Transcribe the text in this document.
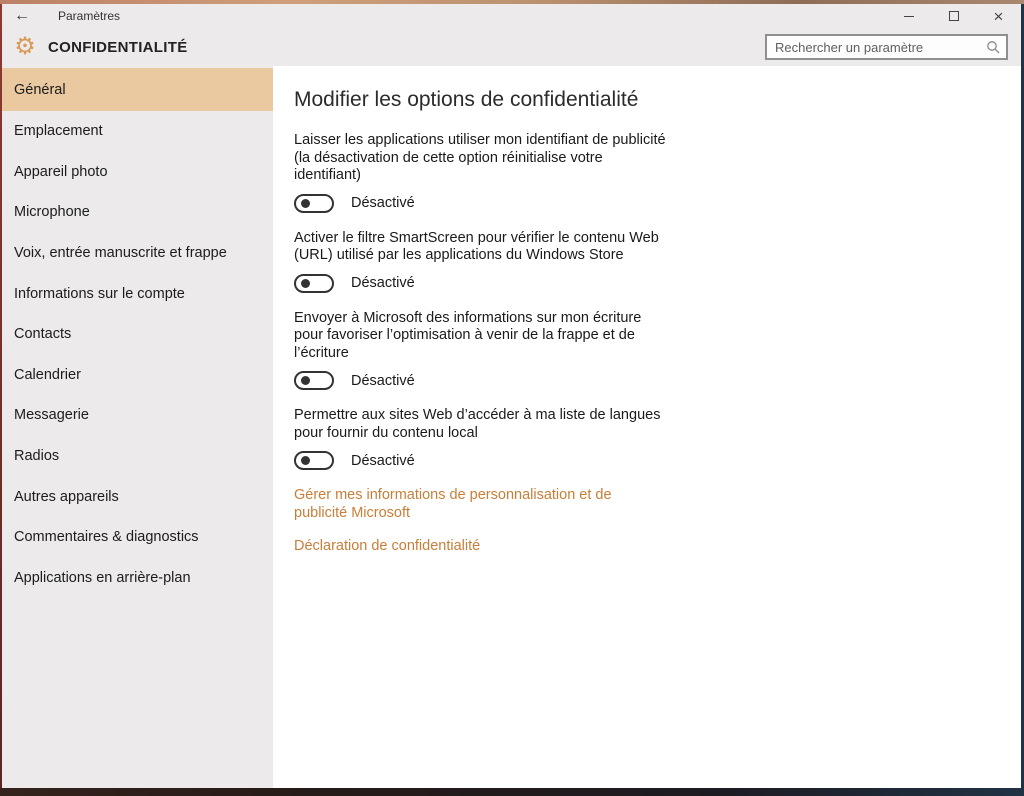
← Paramètres	×
⚙ CONFIDENTIALITÉ
Rechercher un paramètre
Général
Emplacement
Appareil photo
Microphone
Voix, entrée manuscrite et frappe
Informations sur le compte
Contacts
Calendrier
Messagerie
Radios
Autres appareils
Commentaires & diagnostics
Applications en arrière-plan
Modifier les options de confidentialité
Laisser les applications utiliser mon identifiant de publicité (la désactivation de cette option réinitialise votre identifiant)
Désactivé
Activer le filtre SmartScreen pour vérifier le contenu Web (URL) utilisé par les applications du Windows Store
Désactivé
Envoyer à Microsoft des informations sur mon écriture pour favoriser l’optimisation à venir de la frappe et de l’écriture
Désactivé
Permettre aux sites Web d’accéder à ma liste de langues pour fournir du contenu local
Désactivé
Gérer mes informations de personnalisation et de publicité Microsoft
Déclaration de confidentialité
